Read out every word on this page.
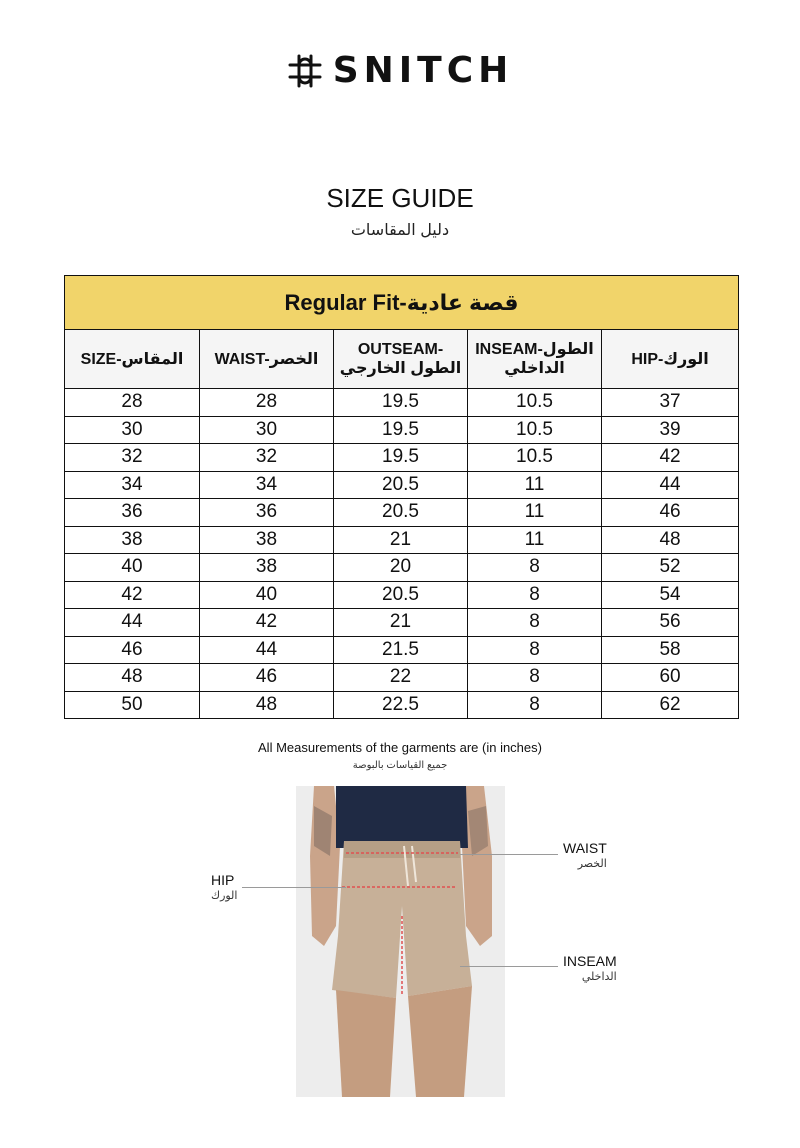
SNITCH
SIZE GUIDE
دليل المقاسات
Regular Fit-قصة عادية				
SIZE-المقاس	WAIST-الخصر	OUTSEAM-الطول الخارجي	INSEAM-الطول الداخلي	HIP-الورك
28	28	19.5	10.5	37
30	30	19.5	10.5	39
32	32	19.5	10.5	42
34	34	20.5	11	44
36	36	20.5	11	46
38	38	21	11	48
40	38	20	8	52
42	40	20.5	8	54
44	42	21	8	56
46	44	21.5	8	58
48	46	22	8	60
50	48	22.5	8	62
All Measurements of the garments are (in inches)
جميع القياسات بالبوصة
WAIST
الخصر
HIP
الورك
INSEAM
الداخلي
